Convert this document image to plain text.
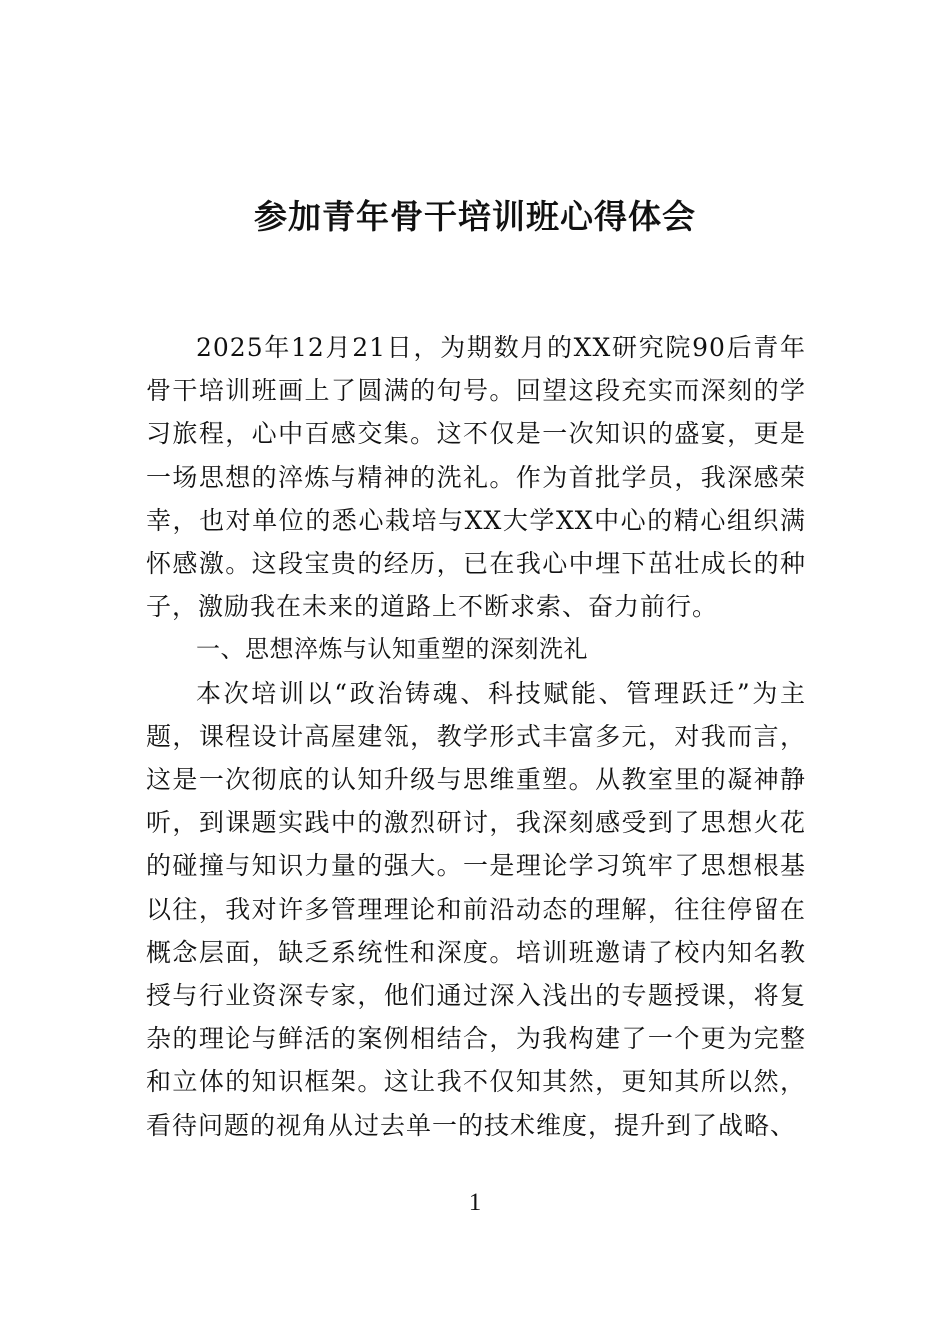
参加青年骨干培训班心得体会

2025年12月21日，为期数月的XX研究院90后青年骨干培训班画上了圆满的句号。回望这段充实而深刻的学习旅程，心中百感交集。这不仅是一次知识的盛宴，更是一场思想的淬炼与精神的洗礼。作为首批学员，我深感荣幸，也对单位的悉心栽培与XX大学XX中心的精心组织满怀感激。这段宝贵的经历，已在我心中埋下茁壮成长的种子，激励我在未来的道路上不断求索、奋力前行。

一、思想淬炼与认知重塑的深刻洗礼

本次培训以“政治铸魂、科技赋能、管理跃迁”为主题，课程设计高屋建瓴，教学形式丰富多元，对我而言，这是一次彻底的认知升级与思维重塑。从教室里的凝神静听，到课题实践中的激烈研讨，我深刻感受到了思想火花的碰撞与知识力量的强大。一是理论学习筑牢了思想根基以往，我对许多管理理论和前沿动态的理解，往往停留在概念层面，缺乏系统性和深度。培训班邀请了校内知名教授与行业资深专家，他们通过深入浅出的专题授课，将复杂的理论与鲜活的案例相结合，为我构建了一个更为完整和立体的知识框架。这让我不仅知其然，更知其所以然，看待问题的视角从过去单一的技术维度，提升到了战略、

1
